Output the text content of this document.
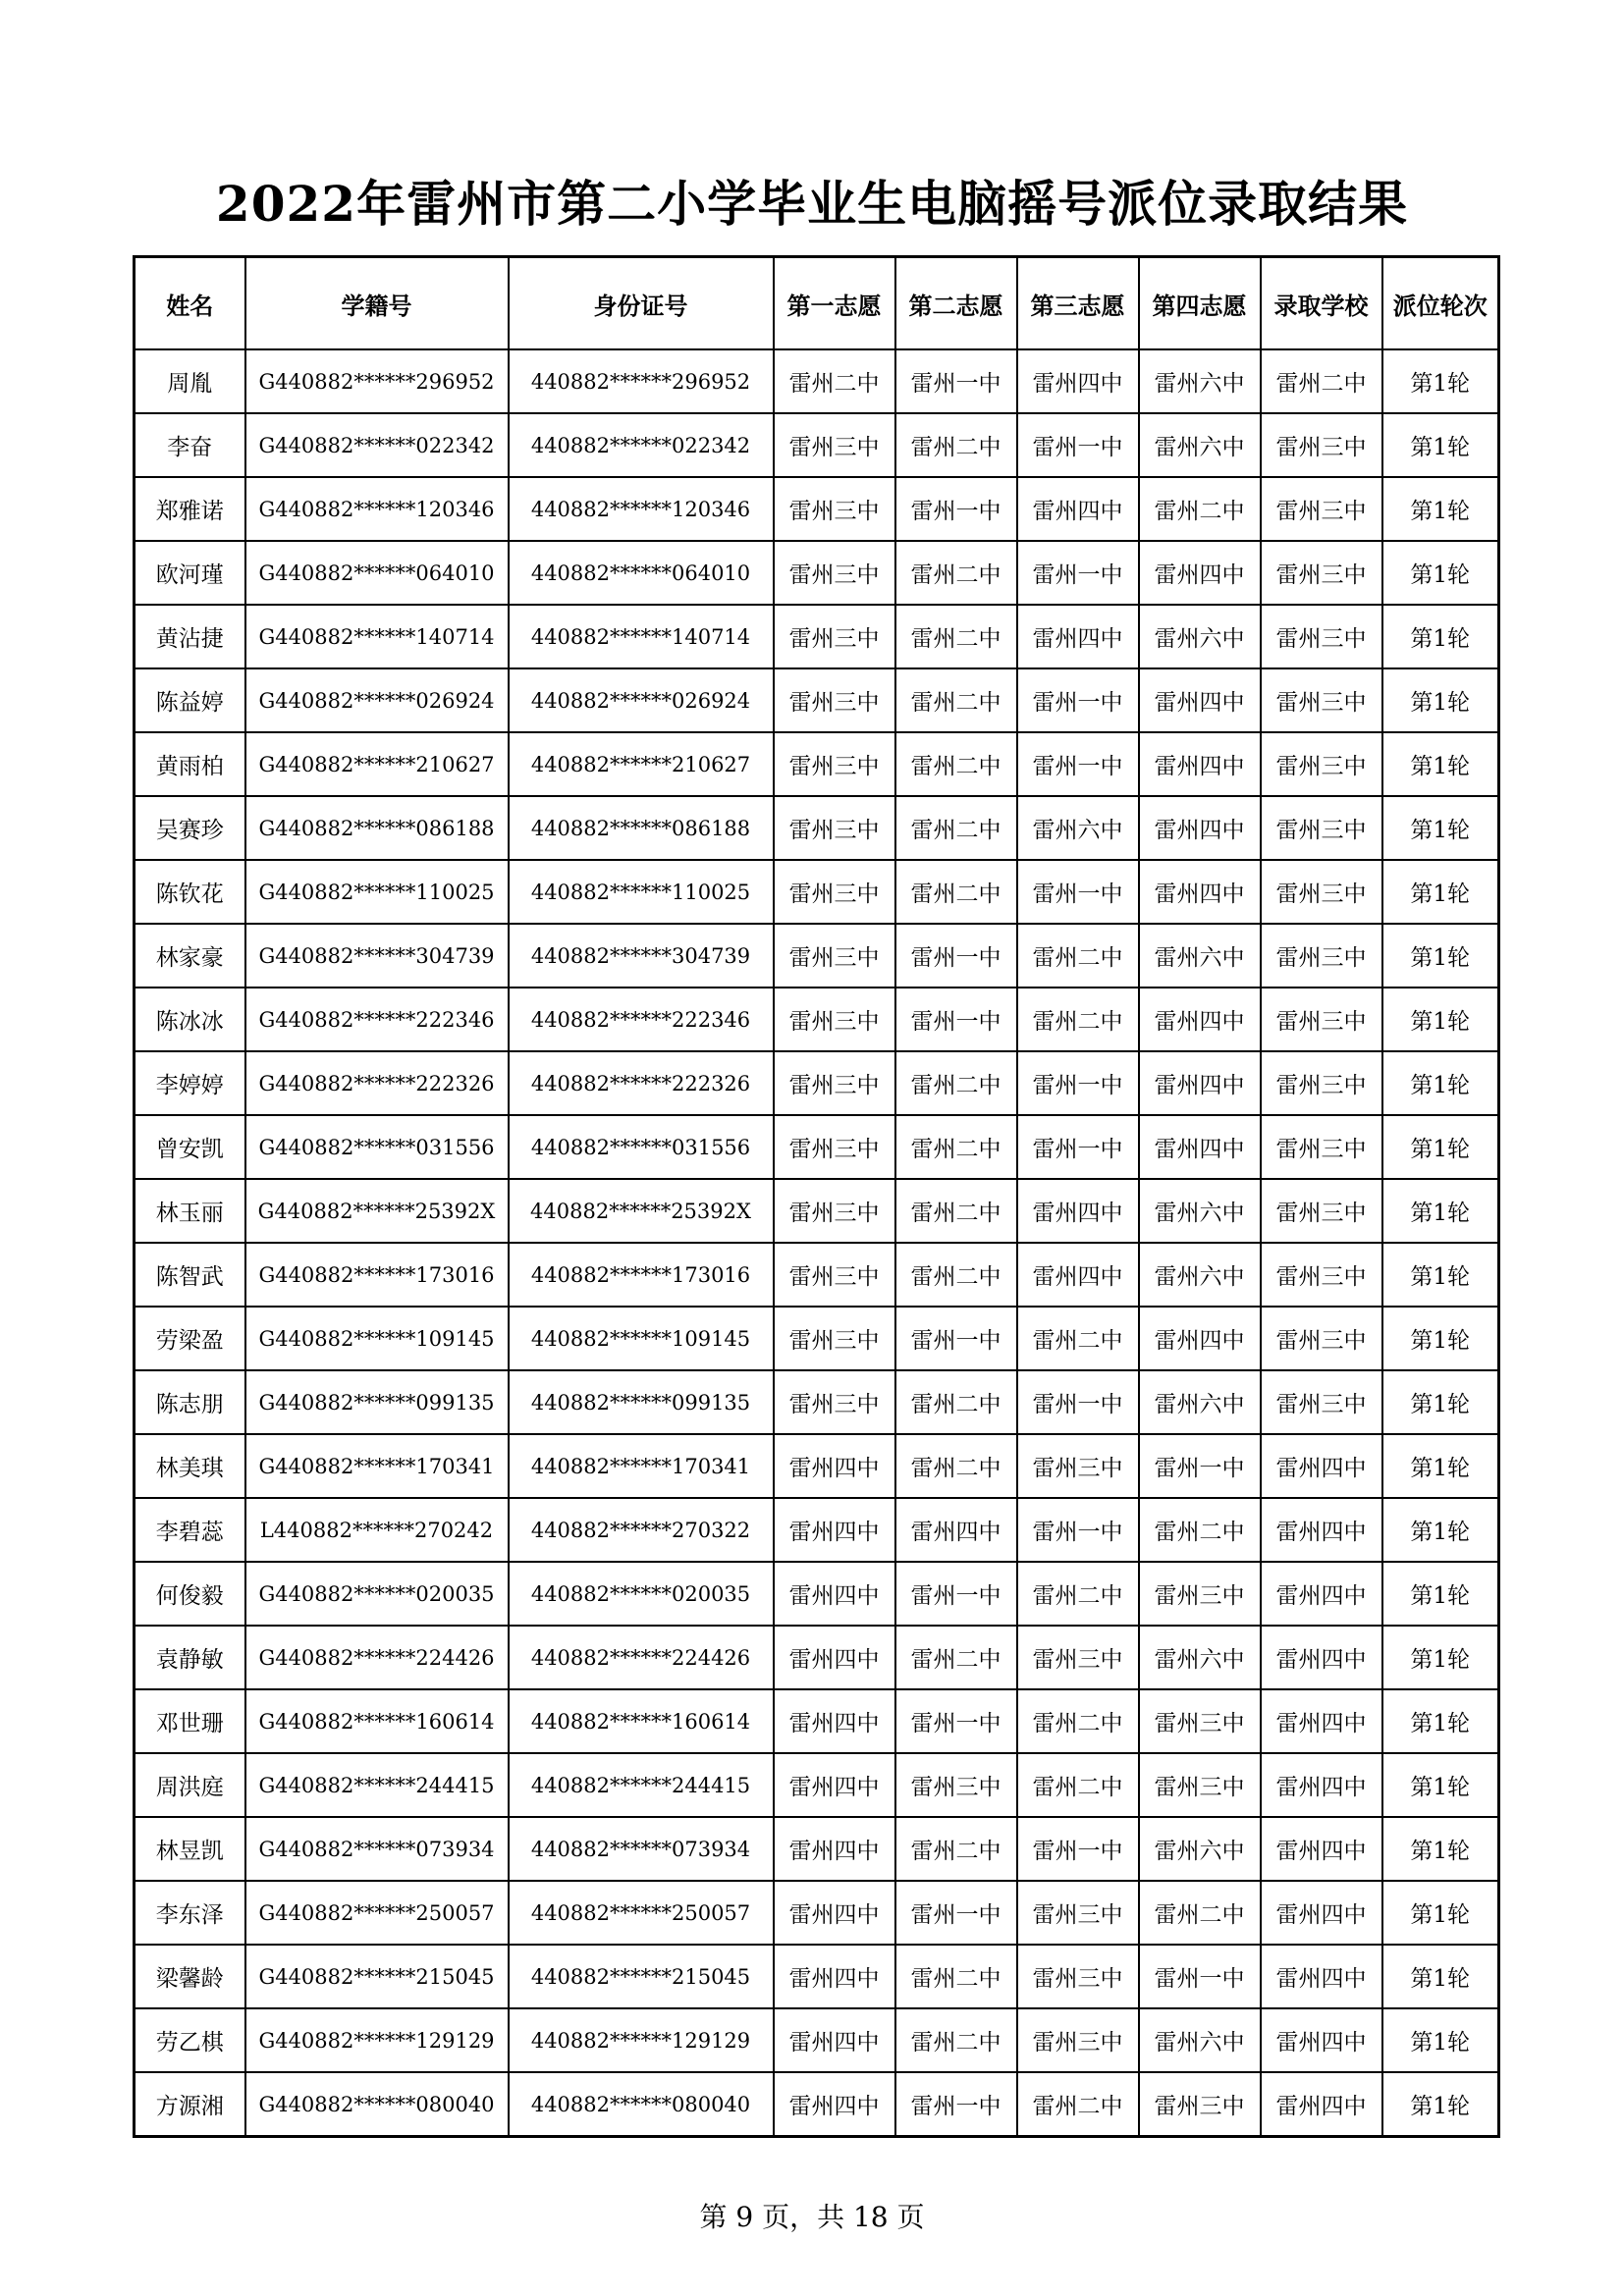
2022年雷州市第二小学毕业生电脑摇号派位录取结果
姓名	学籍号	身份证号	第一志愿	第二志愿	第三志愿	第四志愿	录取学校	派位轮次
周胤	G440882******296952	440882******296952	雷州二中	雷州一中	雷州四中	雷州六中	雷州二中	第1轮
李奋	G440882******022342	440882******022342	雷州三中	雷州二中	雷州一中	雷州六中	雷州三中	第1轮
郑雅诺	G440882******120346	440882******120346	雷州三中	雷州一中	雷州四中	雷州二中	雷州三中	第1轮
欧河瑾	G440882******064010	440882******064010	雷州三中	雷州二中	雷州一中	雷州四中	雷州三中	第1轮
黄沾捷	G440882******140714	440882******140714	雷州三中	雷州二中	雷州四中	雷州六中	雷州三中	第1轮
陈益婷	G440882******026924	440882******026924	雷州三中	雷州二中	雷州一中	雷州四中	雷州三中	第1轮
黄雨柏	G440882******210627	440882******210627	雷州三中	雷州二中	雷州一中	雷州四中	雷州三中	第1轮
吴赛珍	G440882******086188	440882******086188	雷州三中	雷州二中	雷州六中	雷州四中	雷州三中	第1轮
陈钦花	G440882******110025	440882******110025	雷州三中	雷州二中	雷州一中	雷州四中	雷州三中	第1轮
林家豪	G440882******304739	440882******304739	雷州三中	雷州一中	雷州二中	雷州六中	雷州三中	第1轮
陈冰冰	G440882******222346	440882******222346	雷州三中	雷州一中	雷州二中	雷州四中	雷州三中	第1轮
李婷婷	G440882******222326	440882******222326	雷州三中	雷州二中	雷州一中	雷州四中	雷州三中	第1轮
曾安凯	G440882******031556	440882******031556	雷州三中	雷州二中	雷州一中	雷州四中	雷州三中	第1轮
林玉丽	G440882******25392X	440882******25392X	雷州三中	雷州二中	雷州四中	雷州六中	雷州三中	第1轮
陈智武	G440882******173016	440882******173016	雷州三中	雷州二中	雷州四中	雷州六中	雷州三中	第1轮
劳梁盈	G440882******109145	440882******109145	雷州三中	雷州一中	雷州二中	雷州四中	雷州三中	第1轮
陈志朋	G440882******099135	440882******099135	雷州三中	雷州二中	雷州一中	雷州六中	雷州三中	第1轮
林美琪	G440882******170341	440882******170341	雷州四中	雷州二中	雷州三中	雷州一中	雷州四中	第1轮
李碧蕊	L440882******270242	440882******270322	雷州四中	雷州四中	雷州一中	雷州二中	雷州四中	第1轮
何俊毅	G440882******020035	440882******020035	雷州四中	雷州一中	雷州二中	雷州三中	雷州四中	第1轮
袁静敏	G440882******224426	440882******224426	雷州四中	雷州二中	雷州三中	雷州六中	雷州四中	第1轮
邓世珊	G440882******160614	440882******160614	雷州四中	雷州一中	雷州二中	雷州三中	雷州四中	第1轮
周洪庭	G440882******244415	440882******244415	雷州四中	雷州三中	雷州二中	雷州三中	雷州四中	第1轮
林昱凯	G440882******073934	440882******073934	雷州四中	雷州二中	雷州一中	雷州六中	雷州四中	第1轮
李东泽	G440882******250057	440882******250057	雷州四中	雷州一中	雷州三中	雷州二中	雷州四中	第1轮
梁馨龄	G440882******215045	440882******215045	雷州四中	雷州二中	雷州三中	雷州一中	雷州四中	第1轮
劳乙棋	G440882******129129	440882******129129	雷州四中	雷州二中	雷州三中	雷州六中	雷州四中	第1轮
方源湘	G440882******080040	440882******080040	雷州四中	雷州一中	雷州二中	雷州三中	雷州四中	第1轮
第 9 页，共 18 页
